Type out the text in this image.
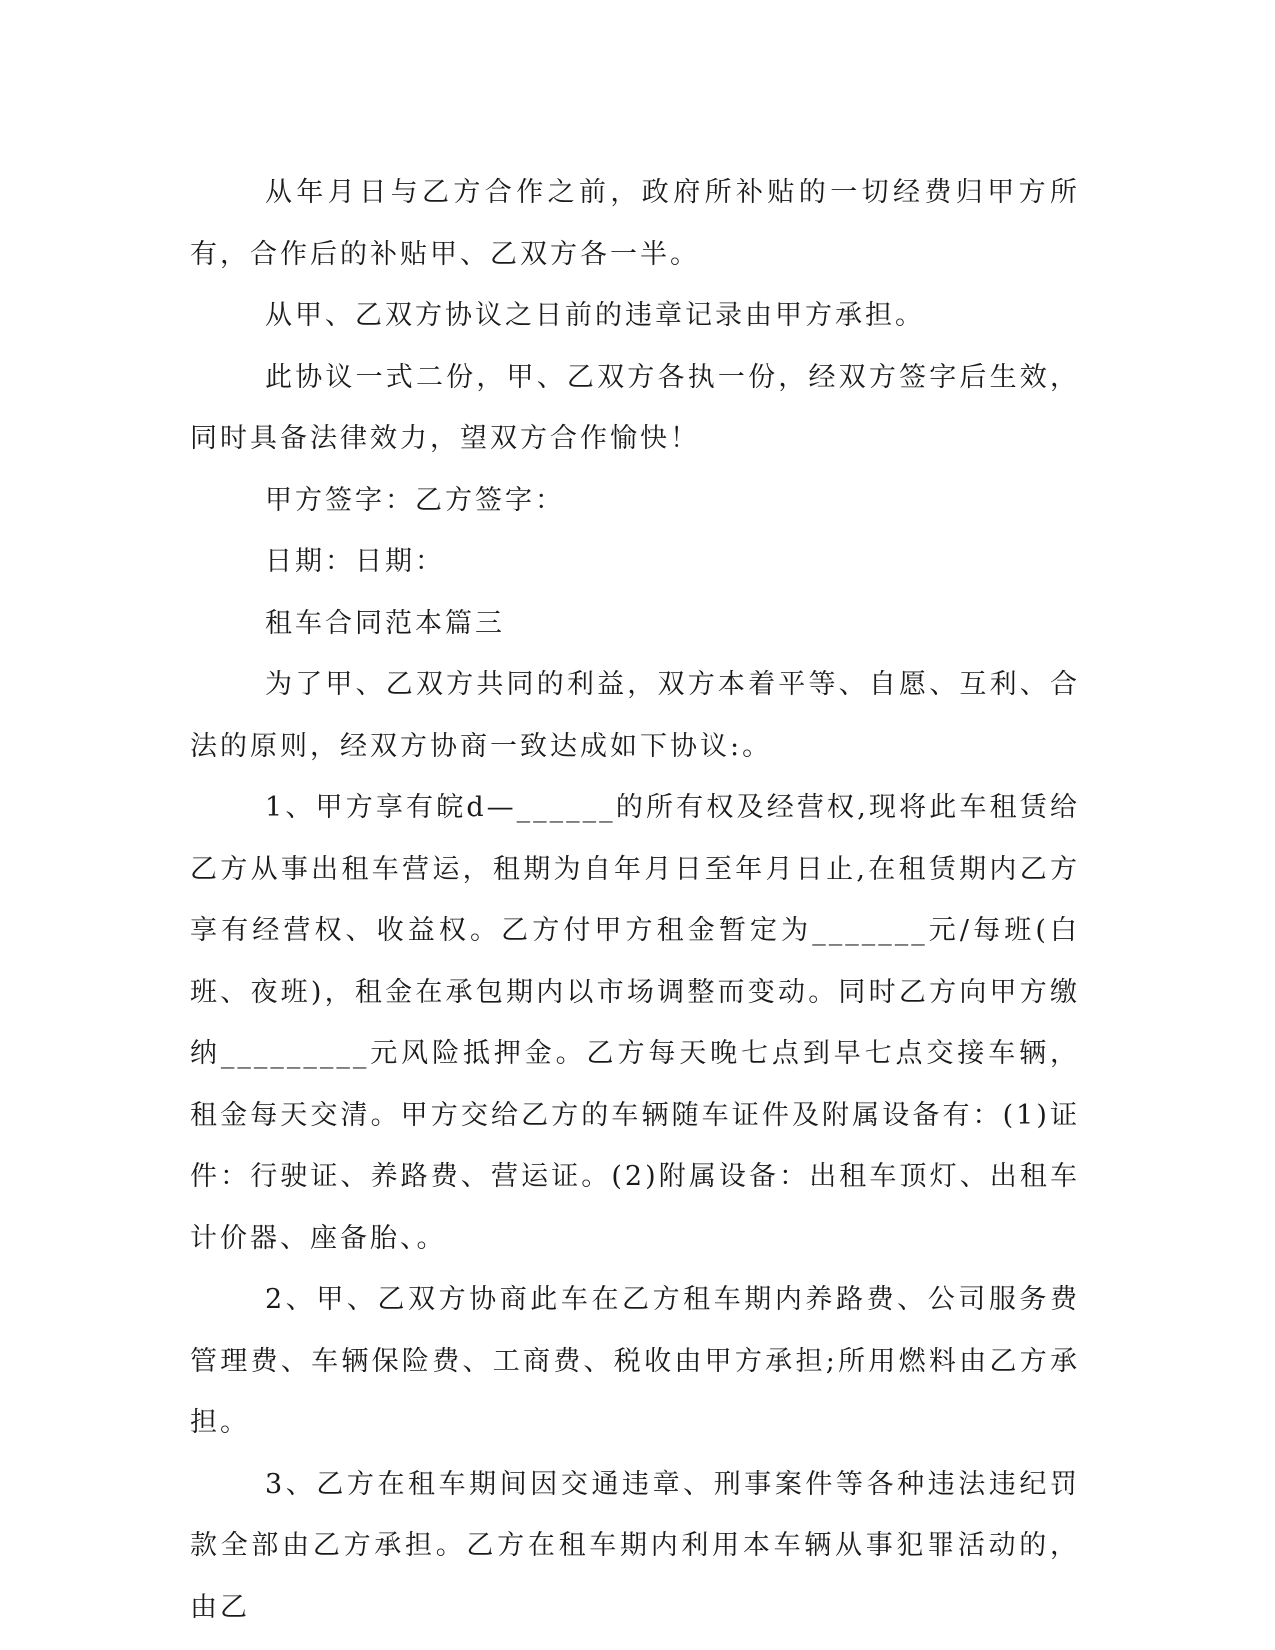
从年月日与乙方合作之前，政府所补贴的一切经费归甲方所有，合作后的补贴甲、乙双方各一半。

从甲、乙双方协议之日前的违章记录由甲方承担。

此协议一式二份，甲、乙双方各执一份，经双方签字后生效，同时具备法律效力，望双方合作愉快！

甲方签字：乙方签字：

日期：日期：

租车合同范本篇三

为了甲、乙双方共同的利益，双方本着平等、自愿、互利、合法的原则，经双方协商一致达成如下协议:。

1、甲方享有皖d—______的所有权及经营权,现将此车租赁给乙方从事出租车营运，租期为自年月日至年月日止,在租赁期内乙方享有经营权、收益权。乙方付甲方租金暂定为_______元/每班(白班、夜班)，租金在承包期内以市场调整而变动。同时乙方向甲方缴纳_________元风险抵押金。乙方每天晚七点到早七点交接车辆，租金每天交清。甲方交给乙方的车辆随车证件及附属设备有：(1)证件：行驶证、养路费、营运证。(2)附属设备：出租车顶灯、出租车计价器、座备胎、。

2、甲、乙双方协商此车在乙方租车期内养路费、公司服务费管理费、车辆保险费、工商费、税收由甲方承担;所用燃料由乙方承担。

3、乙方在租车期间因交通违章、刑事案件等各种违法违纪罚款全部由乙方承担。乙方在租车期内利用本车辆从事犯罪活动的，由乙
